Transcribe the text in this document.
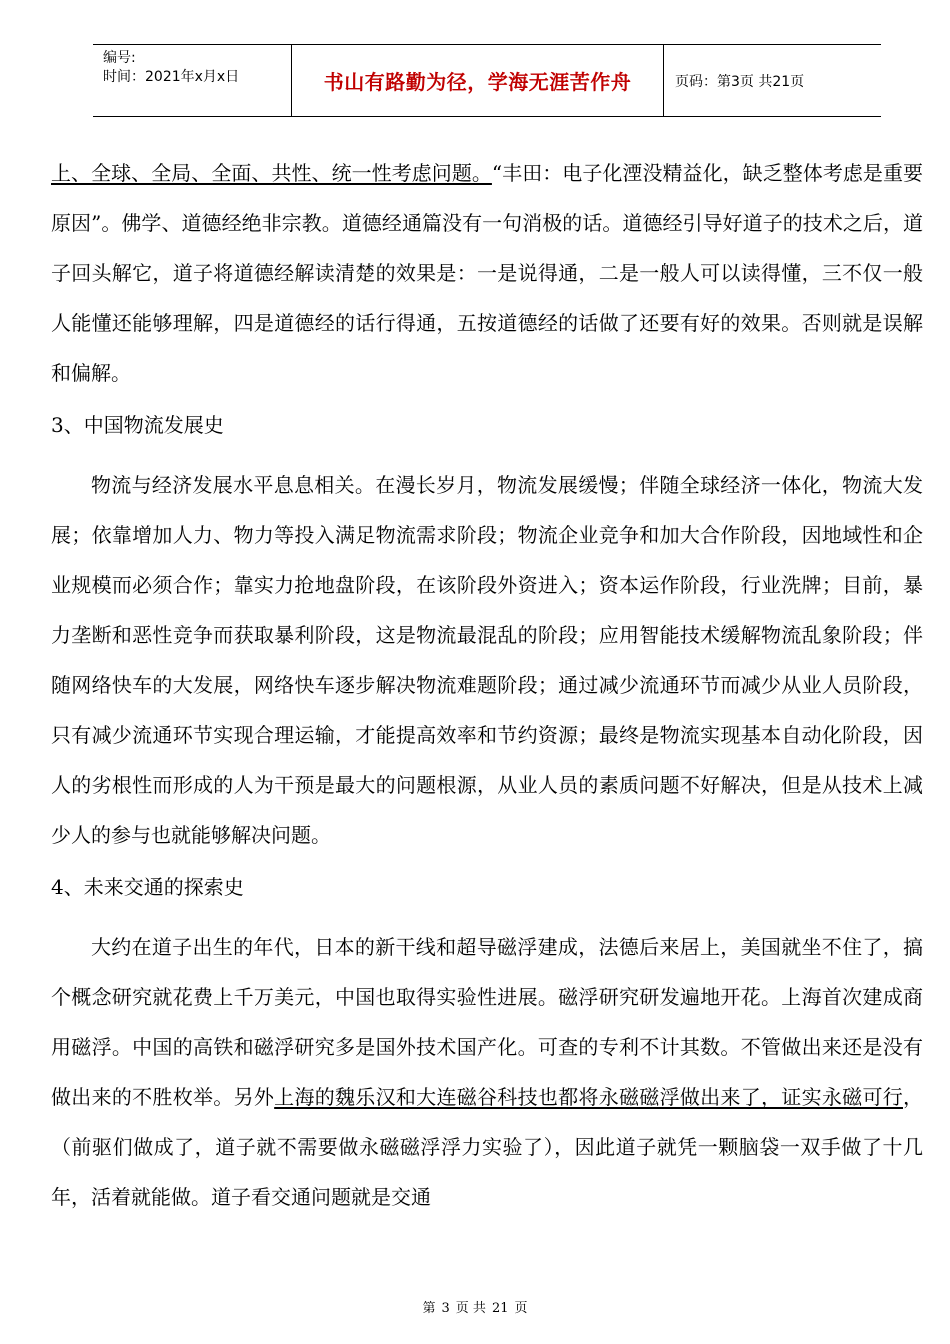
编号:
时间：2021年x月x日	书山有路勤为径，学海无涯苦作舟	页码：第3页 共21页

上、全球、全局、全面、共性、统一性考虑问题。“丰田：电子化湮没精益化，缺乏整体考虑是重要原因”。佛学、道德经绝非宗教。道德经通篇没有一句消极的话。道德经引导好道子的技术之后，道子回头解它，道子将道德经解读清楚的效果是：一是说得通，二是一般人可以读得懂，三不仅一般人能懂还能够理解，四是道德经的话行得通，五按道德经的话做了还要有好的效果。否则就是误解和偏解。

3、中国物流发展史

物流与经济发展水平息息相关。在漫长岁月，物流发展缓慢；伴随全球经济一体化，物流大发展；依靠增加人力、物力等投入满足物流需求阶段；物流企业竞争和加大合作阶段，因地域性和企业规模而必须合作；靠实力抢地盘阶段，在该阶段外资进入；资本运作阶段，行业洗牌；目前，暴力垄断和恶性竞争而获取暴利阶段，这是物流最混乱的阶段；应用智能技术缓解物流乱象阶段；伴随网络快车的大发展，网络快车逐步解决物流难题阶段；通过减少流通环节而减少从业人员阶段，只有减少流通环节实现合理运输，才能提高效率和节约资源；最终是物流实现基本自动化阶段，因人的劣根性而形成的人为干预是最大的问题根源，从业人员的素质问题不好解决，但是从技术上减少人的参与也就能够解决问题。

4、未来交通的探索史

大约在道子出生的年代，日本的新干线和超导磁浮建成，法德后来居上，美国就坐不住了，搞个概念研究就花费上千万美元，中国也取得实验性进展。磁浮研究研发遍地开花。上海首次建成商用磁浮。中国的高铁和磁浮研究多是国外技术国产化。可查的专利不计其数。不管做出来还是没有做出来的不胜枚举。另外上海的魏乐汉和大连磁谷科技也都将永磁磁浮做出来了，证实永磁可行，（前驱们做成了，道子就不需要做永磁磁浮浮力实验了），因此道子就凭一颗脑袋一双手做了十几年，活着就能做。道子看交通问题就是交通

第 3 页 共 21 页
